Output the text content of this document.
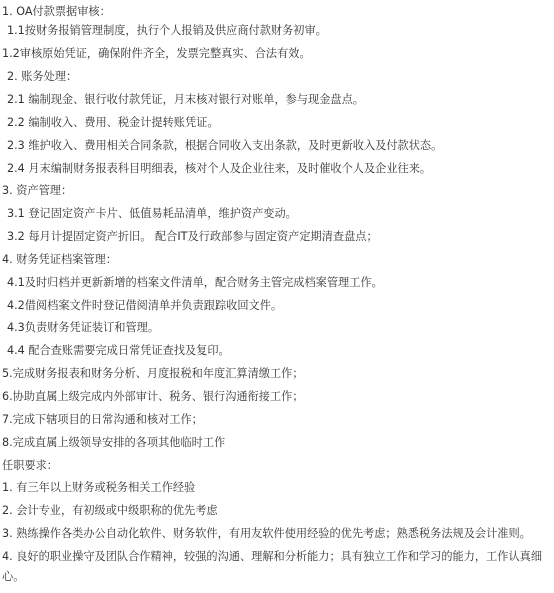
1. OA付款票据审核：
1.1按财务报销管理制度，执行个人报销及供应商付款财务初审。
1.2审核原始凭证，确保附件齐全，发票完整真实、合法有效。
2. 账务处理：
2.1 编制现金、银行收付款凭证，月末核对银行对账单，参与现金盘点。
2.2 编制收入、费用、税金计提转账凭证。
2.3 维护收入、费用相关合同条款，根据合同收入支出条款，及时更新收入及付款状态。
2.4 月末编制财务报表科目明细表，核对个人及企业往来，及时催收个人及企业往来。
3. 资产管理：
3.1 登记固定资产卡片、低值易耗品清单，维护资产变动。
3.2 每月计提固定资产折旧。 配合IT及行政部参与固定资产定期清查盘点；
4. 财务凭证档案管理：
4.1及时归档并更新新增的档案文件清单，配合财务主管完成档案管理工作。
4.2借阅档案文件时登记借阅清单并负责跟踪收回文件。
4.3负责财务凭证装订和管理。
4.4 配合查账需要完成日常凭证查找及复印。
5.完成财务报表和财务分析、月度报税和年度汇算清缴工作；
6.协助直属上级完成内外部审计、税务、银行沟通衔接工作；
7.完成下辖项目的日常沟通和核对工作；
8.完成直属上级领导安排的各项其他临时工作
任职要求：
1. 有三年以上财务或税务相关工作经验
2. 会计专业，有初级或中级职称的优先考虑
3. 熟练操作各类办公自动化软件、财务软件，有用友软件使用经验的优先考虑；熟悉税务法规及会计准则。
4. 良好的职业操守及团队合作精神，较强的沟通、理解和分析能力；具有独立工作和学习的能力，工作认真细心。
